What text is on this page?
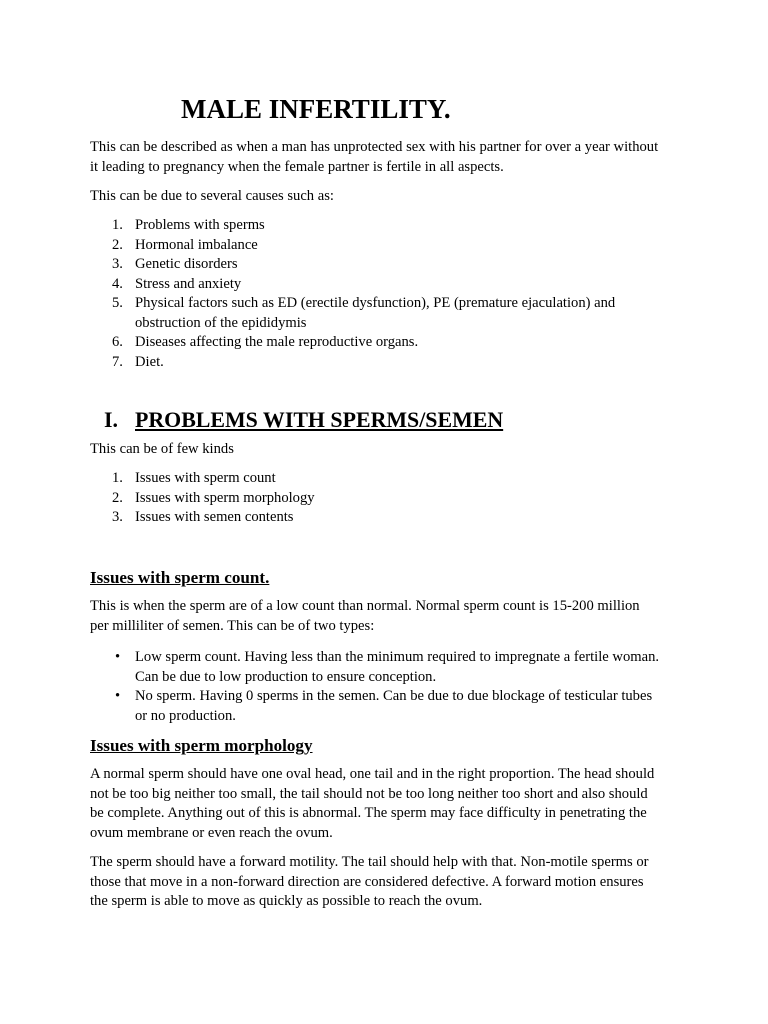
MALE INFERTILITY.

This can be described as when a man has unprotected sex with his partner for over a year without
it leading to pregnancy when the female partner is fertile in all aspects.

This can be due to several causes such as:

1. Problems with sperms
2. Hormonal imbalance
3. Genetic disorders
4. Stress and anxiety
5. Physical factors such as ED (erectile dysfunction), PE (premature ejaculation) and
obstruction of the epididymis
6. Diseases affecting the male reproductive organs.
7. Diet.
I. PROBLEMS WITH SPERMS/SEMEN

This can be of few kinds

1. Issues with sperm count
2. Issues with sperm morphology
3. Issues with semen contents
Issues with sperm count.

This is when the sperm are of a low count than normal. Normal sperm count is 15-200 million
per milliliter of semen. This can be of two types:

• Low sperm count. Having less than the minimum required to impregnate a fertile woman.
Can be due to low production to ensure conception.
• No sperm. Having 0 sperms in the semen. Can be due to due blockage of testicular tubes
or no production.
Issues with sperm morphology

A normal sperm should have one oval head, one tail and in the right proportion. The head should
not be too big neither too small, the tail should not be too long neither too short and also should
be complete. Anything out of this is abnormal. The sperm may face difficulty in penetrating the
ovum membrane or even reach the ovum.

The sperm should have a forward motility. The tail should help with that. Non-motile sperms or
those that move in a non-forward direction are considered defective. A forward motion ensures
the sperm is able to move as quickly as possible to reach the ovum.
